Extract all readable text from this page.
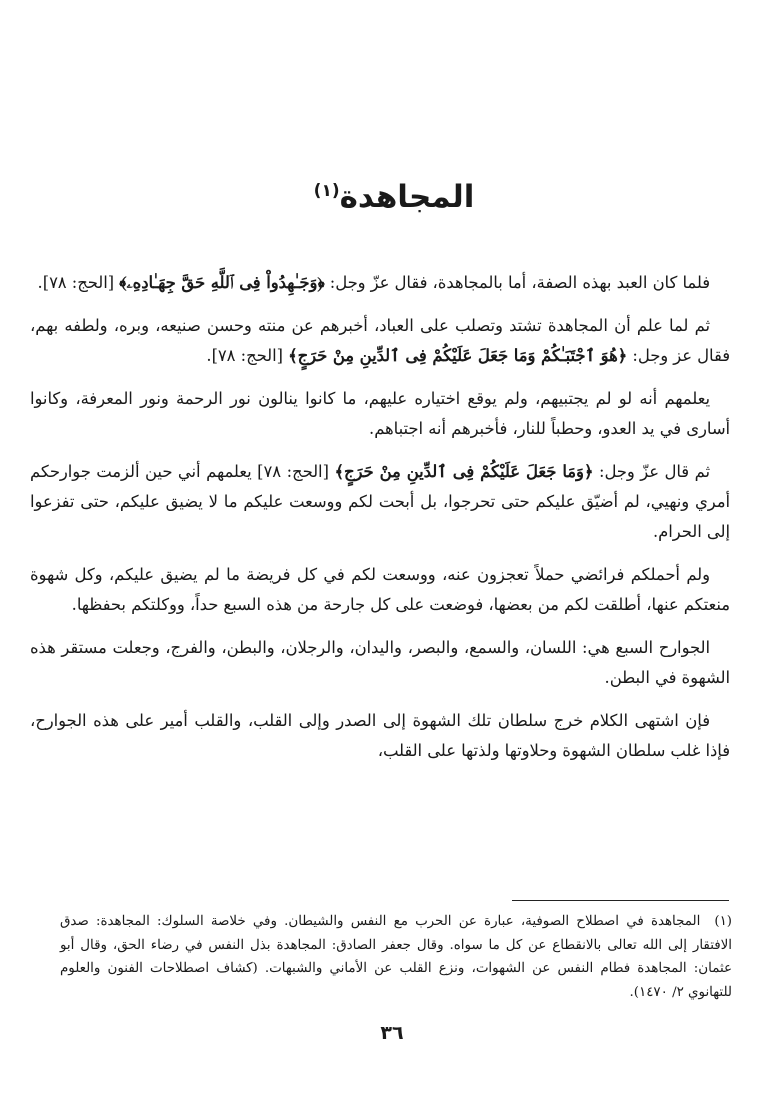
المجاهدة$^{(١)}$

فلما كان العبد بهذه الصفة، أما بالمجاهدة، فقال عزّ وجل: ﴿وَجَـٰهِدُواْ فِى ٱللَّهِ حَقَّ جِهَـٰادِهِۦ﴾ [الحج: ٧٨].

ثم لما علم أن المجاهدة تشتد وتصلب على العباد، أخبرهم عن منته وحسن صنيعه، وبره، ولطفه بهم، فقال عز وجل: ﴿هُوَ ٱجْتَبَـٰكُمْ وَمَا جَعَلَ عَلَيْكُمْ فِى ٱلدِّينِ مِنْ حَرَجٍ﴾ [الحج: ٧٨].

يعلمهم أنه لو لم يجتبيهم، ولم يوقع اختياره عليهم، ما كانوا ينالون نور الرحمة ونور المعرفة، وكانوا أسارى في يد العدو، وحطباً للنار، فأخبرهم أنه اجتباهم.

ثم قال عزّ وجل: ﴿وَمَا جَعَلَ عَلَيْكُمْ فِى ٱلدِّينِ مِنْ حَرَجٍ﴾ [الحج: ٧٨] يعلمهم أني حين ألزمت جوارحكم أمري ونهيي، لم أضيّق عليكم حتى تحرجوا، بل أبحت لكم ووسعت عليكم ما لا يضيق عليكم، حتى تفزعوا إلى الحرام.

ولم أحملكم فرائضي حملاً تعجزون عنه، ووسعت لكم في كل فريضة ما لم يضيق عليكم، وكل شهوة منعتكم عنها، أطلقت لكم من بعضها، فوضعت على كل جارحة من هذه السبع حداً، ووكلتكم بحفظها.

الجوارح السبع هي: اللسان، والسمع، والبصر، واليدان، والرجلان، والبطن، والفرج، وجعلت مستقر هذه الشهوة في البطن.

فإن اشتهى الكلام خرج سلطان تلك الشهوة إلى الصدر وإلى القلب، والقلب أمير على هذه الجوارح، فإذا غلب سلطان الشهوة وحلاوتها ولذتها على القلب،

(١)المجاهدة في اصطلاح الصوفية، عبارة عن الحرب مع النفس والشيطان. وفي خلاصة السلوك: المجاهدة: صدق الافتقار إلى الله تعالى بالانقطاع عن كل ما سواه. وقال جعفر الصادق: المجاهدة بذل النفس في رضاء الحق، وقال أبو عثمان: المجاهدة فطام النفس عن الشهوات، ونزع القلب عن الأماني والشبهات. (كشاف اصطلاحات الفنون والعلوم للتهانوي ٢/ ١٤٧٠).
٣٦
